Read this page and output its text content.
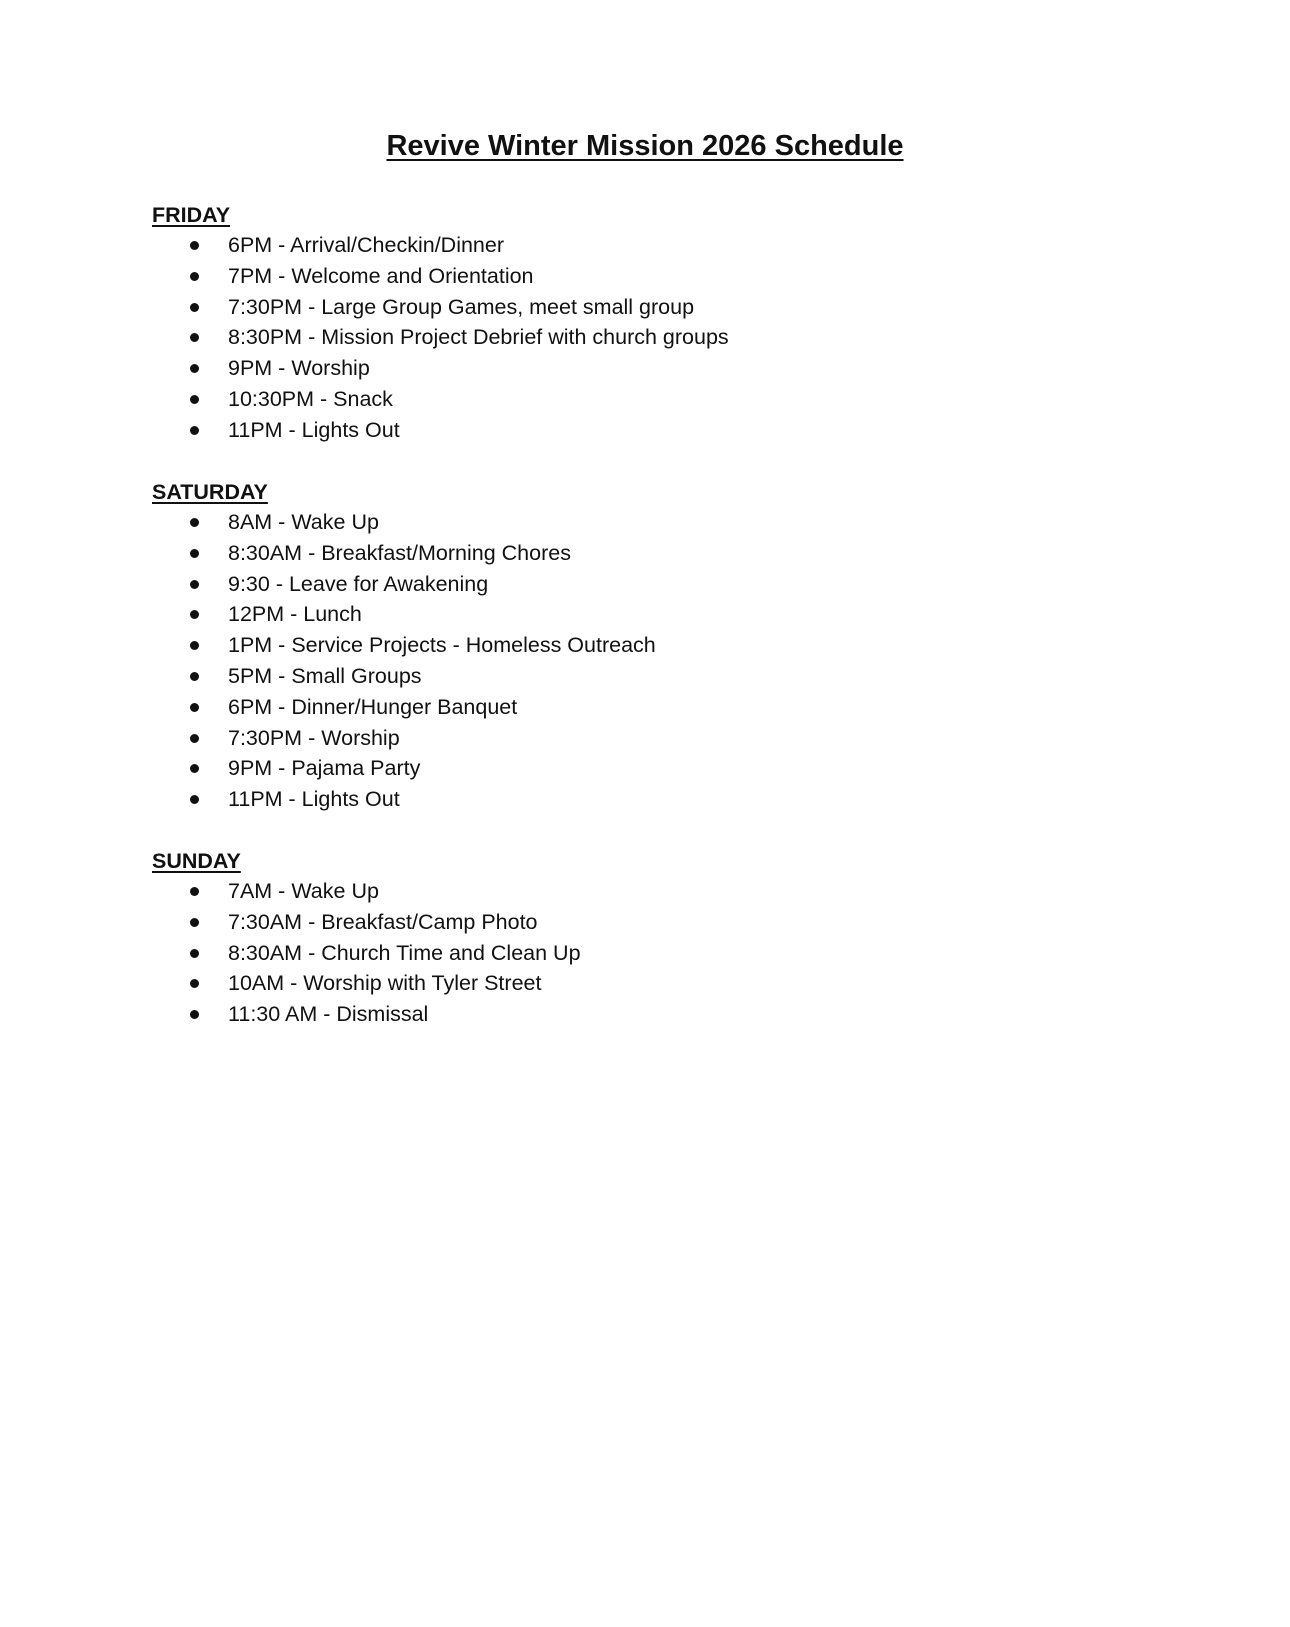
Revive Winter Mission 2026 Schedule
FRIDAY
6PM - Arrival/Checkin/Dinner
7PM - Welcome and Orientation
7:30PM - Large Group Games, meet small group
8:30PM - Mission Project Debrief with church groups
9PM - Worship
10:30PM - Snack
11PM - Lights Out
SATURDAY
8AM - Wake Up
8:30AM - Breakfast/Morning Chores
9:30 - Leave for Awakening
12PM - Lunch
1PM - Service Projects - Homeless Outreach
5PM - Small Groups
6PM - Dinner/Hunger Banquet
7:30PM - Worship
9PM - Pajama Party
11PM - Lights Out
SUNDAY
7AM - Wake Up
7:30AM - Breakfast/Camp Photo
8:30AM - Church Time and Clean Up
10AM - Worship with Tyler Street
11:30 AM - Dismissal
